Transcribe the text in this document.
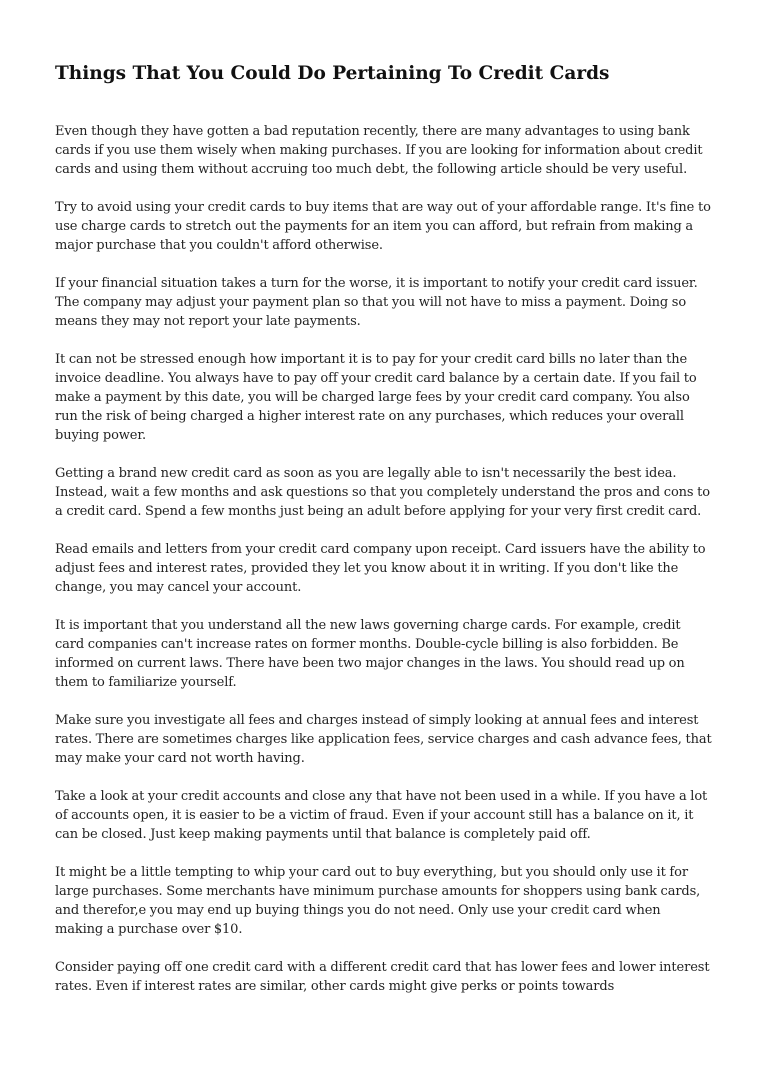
Things That You Could Do Pertaining To Credit Cards

Even though they have gotten a bad reputation recently, there are many advantages to using bank cards if you use them wisely when making purchases. If you are looking for information about credit cards and using them without accruing too much debt, the following article should be very useful.

Try to avoid using your credit cards to buy items that are way out of your affordable range. It's fine to use charge cards to stretch out the payments for an item you can afford, but refrain from making a major purchase that you couldn't afford otherwise.

If your financial situation takes a turn for the worse, it is important to notify your credit card issuer. The company may adjust your payment plan so that you will not have to miss a payment. Doing so means they may not report your late payments.

It can not be stressed enough how important it is to pay for your credit card bills no later than the invoice deadline. You always have to pay off your credit card balance by a certain date. If you fail to make a payment by this date, you will be charged large fees by your credit card company. You also run the risk of being charged a higher interest rate on any purchases, which reduces your overall buying power.

Getting a brand new credit card as soon as you are legally able to isn't necessarily the best idea. Instead, wait a few months and ask questions so that you completely understand the pros and cons to a credit card. Spend a few months just being an adult before applying for your very first credit card.

Read emails and letters from your credit card company upon receipt. Card issuers have the ability to adjust fees and interest rates, provided they let you know about it in writing. If you don't like the change, you may cancel your account.

It is important that you understand all the new laws governing charge cards. For example, credit card companies can't increase rates on former months. Double-cycle billing is also forbidden. Be informed on current laws. There have been two major changes in the laws. You should read up on them to familiarize yourself.

Make sure you investigate all fees and charges instead of simply looking at annual fees and interest rates. There are sometimes charges like application fees, service charges and cash advance fees, that may make your card not worth having.

Take a look at your credit accounts and close any that have not been used in a while. If you have a lot of accounts open, it is easier to be a victim of fraud. Even if your account still has a balance on it, it can be closed. Just keep making payments until that balance is completely paid off.

It might be a little tempting to whip your card out to buy everything, but you should only use it for large purchases. Some merchants have minimum purchase amounts for shoppers using bank cards, and therefor,e you may end up buying things you do not need. Only use your credit card when making a purchase over $10.

Consider paying off one credit card with a different credit card that has lower fees and lower interest rates. Even if interest rates are similar, other cards might give perks or points towards
